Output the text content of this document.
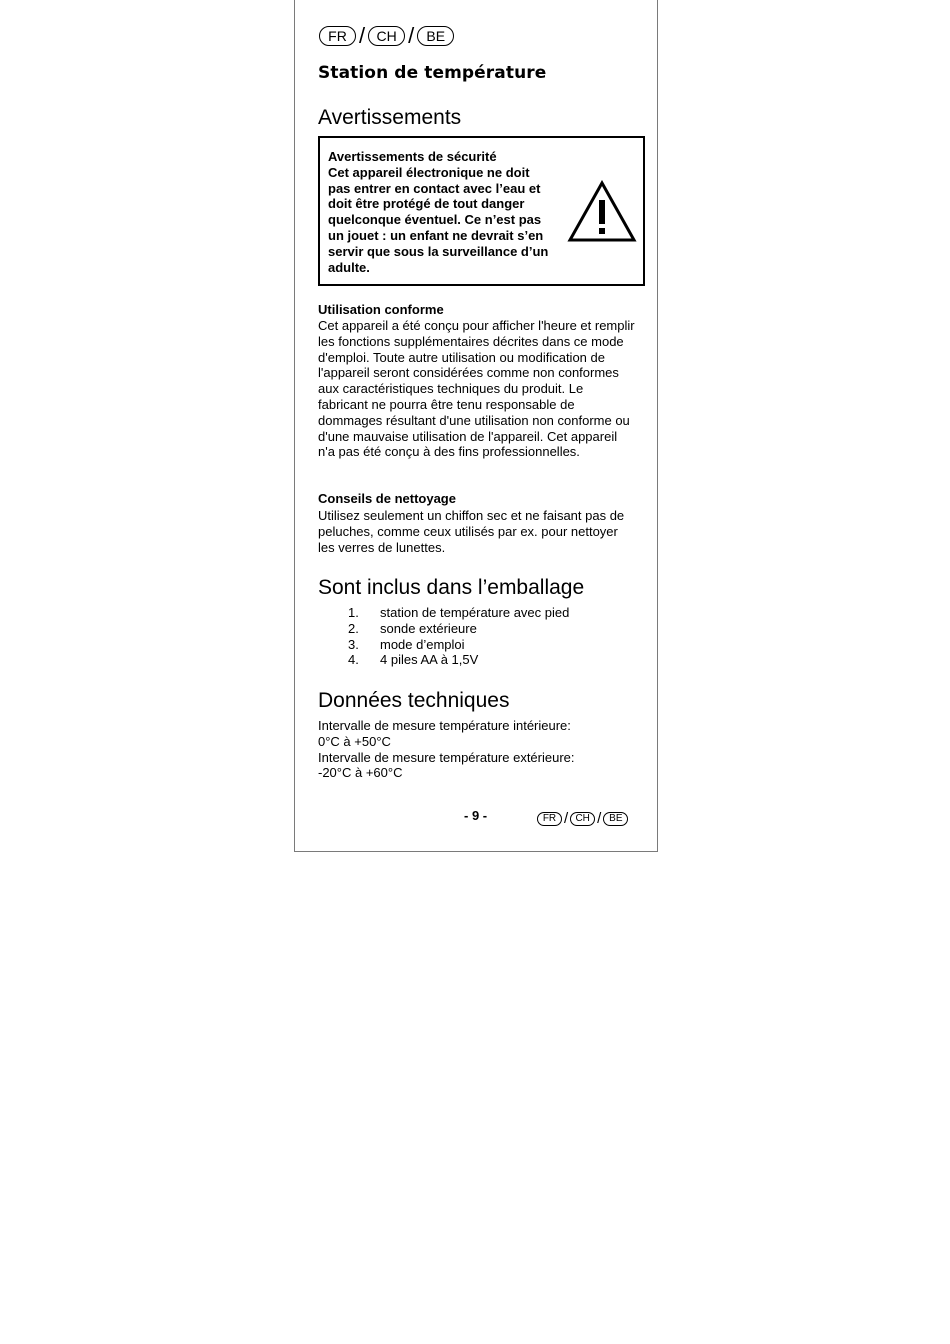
FR / CH / BE
Station de température
Avertissements
Avertissements de sécurité
Cet appareil électronique ne doit pas entrer en contact avec l’eau et doit être protégé de tout danger quelconque éventuel. Ce n’est pas un jouet : un enfant ne devrait s’en servir que sous la surveillance d’un adulte.
Utilisation conforme
Cet appareil a été conçu pour afficher l'heure et remplir les fonctions supplémentaires décrites dans ce mode d'emploi. Toute autre utilisation ou modification de l'appareil seront considérées comme non conformes aux caractéristiques techniques du produit. Le fabricant ne pourra être tenu responsable de dommages résultant d'une utilisation non conforme ou d'une mauvaise utilisation de l'appareil. Cet appareil n'a pas été conçu à des fins professionnelles.
Conseils de nettoyage
Utilisez seulement un chiffon sec et ne faisant pas de peluches, comme ceux utilisés par ex. pour nettoyer les verres de lunettes.
Sont inclus dans l’emballage
1.	station de température avec pied
2.	sonde extérieure
3.	mode d’emploi
4.	4 piles AA à 1,5V
Données techniques
Intervalle de mesure température intérieure:
0°C à +50°C
Intervalle de mesure température extérieure:
-20°C à +60°C
- 9 -	FR / CH / BE
